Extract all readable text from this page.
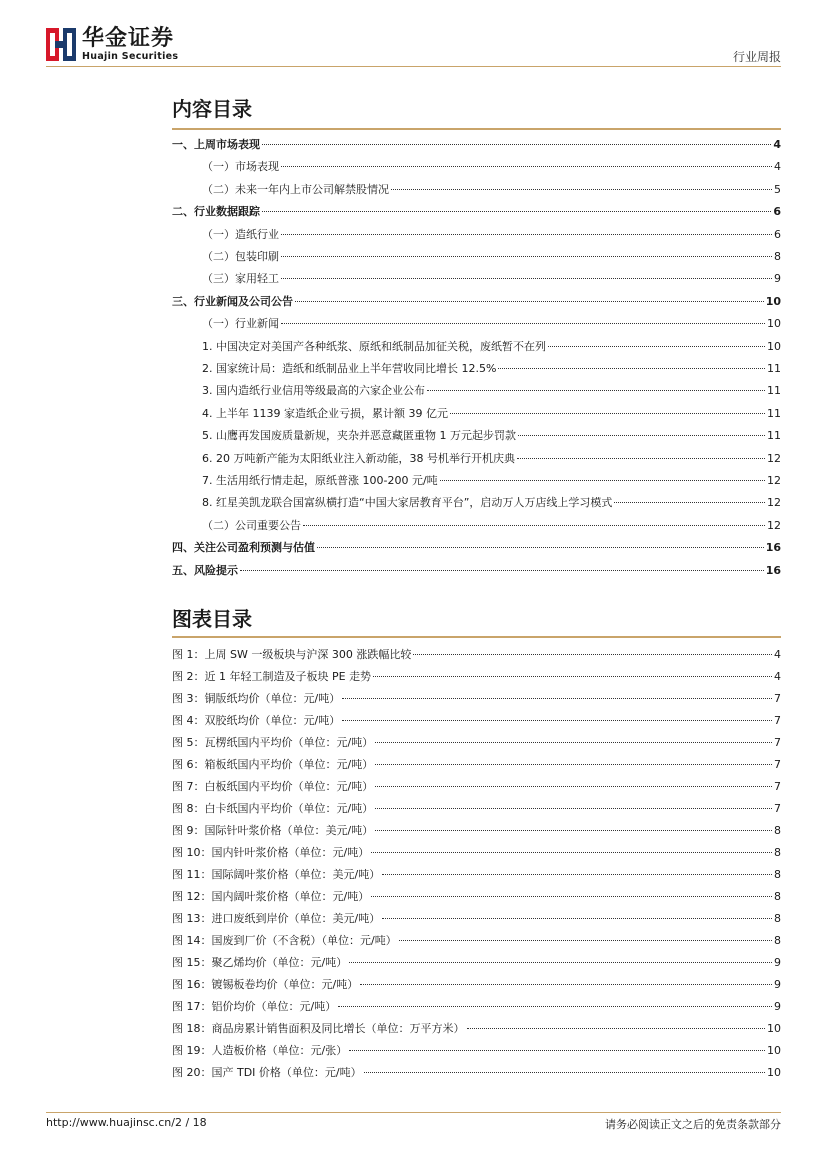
华金证券
Huajin Securities	行业周报
内容目录
一、上周市场表现	4
（一）市场表现	4
（二）未来一年内上市公司解禁股情况	5
二、行业数据跟踪	6
（一）造纸行业	6
（二）包装印刷	8
（三）家用轻工	9
三、行业新闻及公司公告	10
（一）行业新闻	10
1. 中国决定对美国产各种纸浆、原纸和纸制品加征关税，废纸暂不在列	10
2. 国家统计局：造纸和纸制品业上半年营收同比增长 12.5%	11
3. 国内造纸行业信用等级最高的六家企业公布	11
4. 上半年 1139 家造纸企业亏损，累计额 39 亿元	11
5. 山鹰再发国废质量新规，夹杂并恶意藏匿重物 1 万元起步罚款	11
6. 20 万吨新产能为太阳纸业注入新动能，38 号机举行开机庆典	12
7. 生活用纸行情走起，原纸普涨 100-200 元/吨	12
8. 红星美凯龙联合国富纵横打造“中国大家居教育平台”，启动万人万店线上学习模式	12
（二）公司重要公告	12
四、关注公司盈利预测与估值	16
五、风险提示	16
图表目录
图 1：上周 SW 一级板块与沪深 300 涨跌幅比较	4
图 2：近 1 年轻工制造及子板块 PE 走势	4
图 3：铜版纸均价（单位：元/吨）	7
图 4：双胶纸均价（单位：元/吨）	7
图 5：瓦楞纸国内平均价（单位：元/吨）	7
图 6：箱板纸国内平均价（单位：元/吨）	7
图 7：白板纸国内平均价（单位：元/吨）	7
图 8：白卡纸国内平均价（单位：元/吨）	7
图 9：国际针叶浆价格（单位：美元/吨）	8
图 10：国内针叶浆价格（单位：元/吨）	8
图 11：国际阔叶浆价格（单位：美元/吨）	8
图 12：国内阔叶浆价格（单位：元/吨）	8
图 13：进口废纸到岸价（单位：美元/吨）	8
图 14：国废到厂价（不含税）（单位：元/吨）	8
图 15：聚乙烯均价（单位：元/吨）	9
图 16：镀锡板卷均价（单位：元/吨）	9
图 17：铝价均价（单位：元/吨）	9
图 18：商品房累计销售面积及同比增长（单位：万平方米）	10
图 19：人造板价格（单位：元/张）	10
图 20：国产 TDI 价格（单位：元/吨）	10
http://www.huajinsc.cn/2 / 18	请务必阅读正文之后的免责条款部分
